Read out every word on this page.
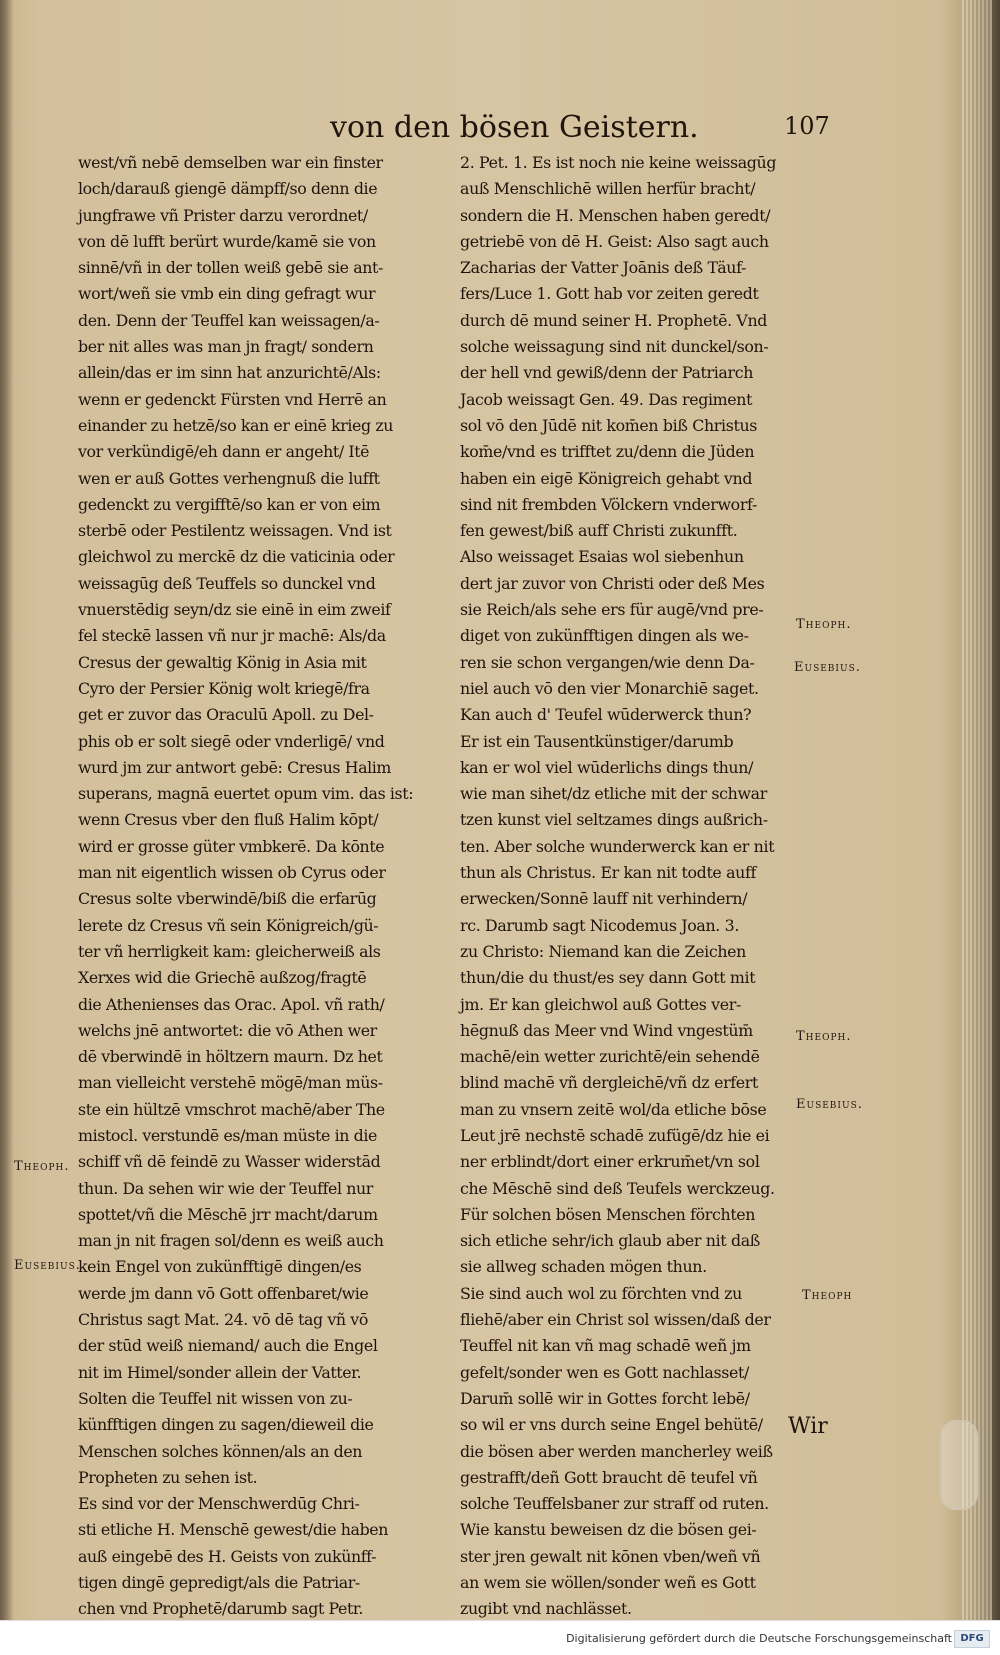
von den bösen Geistern.	107
west/vñ nebē demselben war ein finster
loch/darauß giengē dämpff/so denn die
jungfrawe vñ Prister darzu verordnet/
von dē lufft berürt wurde/kamē sie von
sinnē/vñ in der tollen weiß gebē sie ant-
wort/weñ sie vmb ein ding gefragt wur
den. Denn der Teuffel kan weissagen/a-
ber nit alles was man jn fragt/ sondern
allein/das er im sinn hat anzurichtē/Als:
wenn er gedenckt Fürsten vnd Herrē an
einander zu hetzē/so kan er einē krieg zu
vor verkündigē/eh dann er angeht/ Itē
wen er auß Gottes verhengnuß die lufft
gedenckt zu vergifftē/so kan er von eim
sterbē oder Pestilentz weissagen. Vnd ist
gleichwol zu merckē dz die vaticinia oder
weissagūg deß Teuffels so dunckel vnd
vnuerstēdig seyn/dz sie einē in eim zweif
fel steckē lassen vñ nur jr machē: Als/da
Cresus der gewaltig König in Asia mit
Cyro der Persier König wolt kriegē/fra
get er zuvor das Oraculū Apoll. zu Del-
phis ob er solt siegē oder vnderligē/ vnd
wurd jm zur antwort gebē: Cresus Halim
superans, magnā euertet opum vim. das ist:
wenn Cresus vber den fluß Halim kōpt/
wird er grosse güter vmbkerē. Da kōnte
man nit eigentlich wissen ob Cyrus oder
Cresus solte vberwindē/biß die erfarūg
lerete dz Cresus vñ sein Königreich/gü-
ter vñ herrligkeit kam: gleicherweiß als
Xerxes wid die Griechē außzog/fragtē
die Athenienses das Orac. Apol. vñ rath/
welchs jnē antwortet: die vō Athen wer
dē vberwindē in höltzern maurn. Dz het
man vielleicht verstehē mögē/man müs-
ste ein hültzē vmschrot machē/aber The
mistocl. verstundē es/man müste in die
schiff vñ dē feindē zu Wasser widerstād
thun. Da sehen wir wie der Teuffel nur
spottet/vñ die Mēschē jrr macht/darum
man jn nit fragen sol/denn es weiß auch
kein Engel von zukünfftigē dingen/es
werde jm dann vō Gott offenbaret/wie
Christus sagt Mat. 24. vō dē tag vñ vō
der stūd weiß niemand/ auch die Engel
nit im Himel/sonder allein der Vatter.
Solten die Teuffel nit wissen von zu-
künfftigen dingen zu sagen/dieweil die
Menschen solches können/als an den
Propheten zu sehen ist.
Es sind vor der Menschwerdūg Chri-
sti etliche H. Menschē gewest/die haben
auß eingebē des H. Geists von zukünff-
tigen dingē gepredigt/als die Patriar-
chen vnd Prophetē/darumb sagt Petr.
2. Pet. 1. Es ist noch nie keine weissagūg
auß Menschlichē willen herfür bracht/
sondern die H. Menschen haben geredt/
getriebē von dē H. Geist: Also sagt auch
Zacharias der Vatter Joānis deß Täuf-
fers/Luce 1. Gott hab vor zeiten geredt
durch dē mund seiner H. Prophetē. Vnd
solche weissagung sind nit dunckel/son-
der hell vnd gewiß/denn der Patriarch
Jacob weissagt Gen. 49. Das regiment
sol vō den Jūdē nit kom̄en biß Christus
kom̄e/vnd es trifftet zu/denn die Jüden
haben ein eigē Königreich gehabt vnd
sind nit frembden Völckern vnderworf-
fen gewest/biß auff Christi zukunfft.
Also weissaget Esaias wol siebenhun
dert jar zuvor von Christi oder deß Mes
sie Reich/als sehe ers für augē/vnd pre-
diget von zukünfftigen dingen als we-
ren sie schon vergangen/wie denn Da-
niel auch vō den vier Monarchiē saget.
Kan auch d' Teufel wūderwerck thun?
Er ist ein Tausentkünstiger/darumb
kan er wol viel wūderlichs dings thun/
wie man sihet/dz etliche mit der schwar
tzen kunst viel seltzames dings außrich-
ten. Aber solche wunderwerck kan er nit
thun als Christus. Er kan nit todte auff
erwecken/Sonnē lauff nit verhindern/
rc. Darumb sagt Nicodemus Joan. 3.
zu Christo: Niemand kan die Zeichen
thun/die du thust/es sey dann Gott mit
jm. Er kan gleichwol auß Gottes ver-
hēgnuß das Meer vnd Wind vngestüm̄
machē/ein wetter zurichtē/ein sehendē
blind machē vñ dergleichē/vñ dz erfert
man zu vnsern zeitē wol/da etliche bōse
Leut jrē nechstē schadē zufügē/dz hie ei
ner erblindt/dort einer erkrum̄et/vn sol
che Mēschē sind deß Teufels werckzeug.
Für solchen bösen Menschen förchten
sich etliche sehr/ich glaub aber nit daß
sie allweg schaden mögen thun.
Sie sind auch wol zu förchten vnd zu
fliehē/aber ein Christ sol wissen/daß der
Teuffel nit kan vñ mag schadē weñ jm
gefelt/sonder wen es Gott nachlasset/
Darum̄ sollē wir in Gottes forcht lebē/
so wil er vns durch seine Engel behütē/
die bösen aber werden mancherley weiß
gestrafft/deñ Gott braucht dē teufel vñ
solche Teuffelsbaner zur straff od ruten.
Wie kanstu beweisen dz die bösen gei-
ster jren gewalt nit kōnen vben/weñ vñ
an wem sie wöllen/sonder weñ es Gott
zugibt vnd nachlässet.
Theoph.
Eusebius.
Theoph.
Eusebius.
Theoph.
Eusebius.
Theoph
Wir
Digitalisierung gefördert durch die Deutsche Forschungsgemeinschaft DFG
